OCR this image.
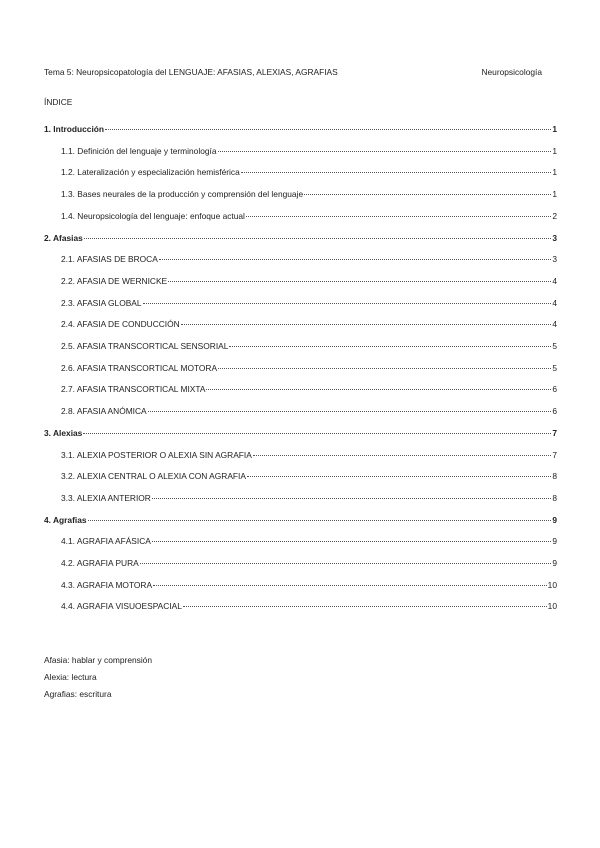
Tema 5: Neuropsicopatología del LENGUAJE: AFASIAS, ALEXIAS, AGRAFIAS	Neuropsicología
ÍNDICE
1. Introducción	1
1.1. Definición del lenguaje y terminología	1
1.2. Lateralización y especialización hemisférica	1
1.3. Bases neurales de la producción y comprensión del lenguaje	1
1.4. Neuropsicología del lenguaje: enfoque actual	2
2. Afasias	3
2.1. AFASIAS DE BROCA	3
2.2. AFASIA DE WERNICKE	4
2.3. AFASIA GLOBAL	4
2.4. AFASIA DE CONDUCCIÓN	4
2.5. AFASIA TRANSCORTICAL SENSORIAL	5
2.6. AFASIA TRANSCORTICAL MOTORA	5
2.7. AFASIA TRANSCORTICAL MIXTA	6
2.8. AFASIA ANÓMICA	6
3. Alexias	7
3.1. ALEXIA POSTERIOR O ALEXIA SIN AGRAFIA	7
3.2. ALEXIA CENTRAL O ALEXIA CON AGRAFIA	8
3.3. ALEXIA ANTERIOR	8
4. Agrafias	9
4.1. AGRAFIA AFÁSICA	9
4.2. AGRAFIA PURA	9
4.3. AGRAFIA MOTORA	10
4.4. AGRAFIA VISUOESPACIAL	10
Afasia: hablar y comprensión
Alexia: lectura
Agrafias: escritura
